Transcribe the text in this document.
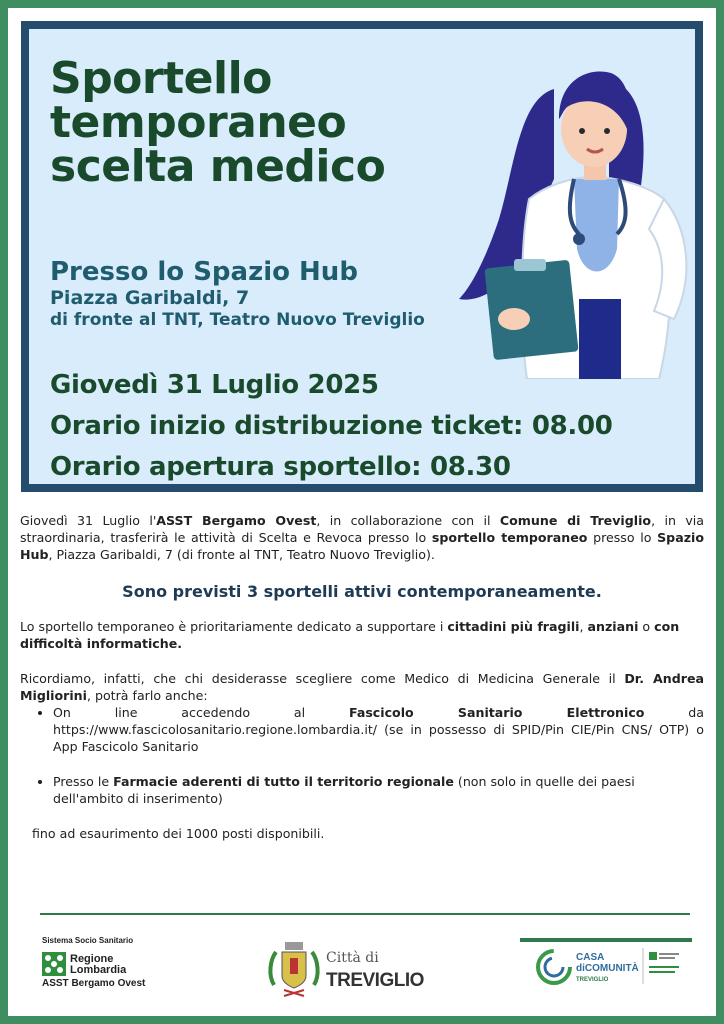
Sportello
temporaneo
scelta medico
Presso lo Spazio Hub
Piazza Garibaldi, 7
di fronte al TNT, Teatro Nuovo Treviglio
Giovedì 31 Luglio 2025
Orario inizio distribuzione ticket: 08.00
Orario apertura sportello: 08.30

Giovedì 31 Luglio l'ASST Bergamo Ovest, in collaborazione con il Comune di Treviglio, in via straordinaria, trasferirà le attività di Scelta e Revoca presso lo sportello temporaneo presso lo Spazio Hub, Piazza Garibaldi, 7 (di fronte al TNT, Teatro Nuovo Treviglio).

Sono previsti 3 sportelli attivi contemporaneamente.

Lo sportello temporaneo è prioritariamente dedicato a supportare i cittadini più fragili, anziani o con difficoltà informatiche.

Ricordiamo, infatti, che chi desiderasse scegliere come Medico di Medicina Generale il Dr. Andrea Migliorini, potrà farlo anche:

• On line accedendo al Fascicolo Sanitario Elettronico da https://www.fascicolosanitario.regione.lombardia.it/ (se in possesso di SPID/Pin CIE/Pin CNS/ OTP) o App Fascicolo Sanitario
• Presso le Farmacie aderenti di tutto il territorio regionale (non solo in quelle dei paesi dell'ambito di inserimento)

fino ad esaurimento dei 1000 posti disponibili.

Sistema Socio Sanitario
Regione
Lombardia
ASST Bergamo Ovest
Città di
TREVIGLIO
CASA
diCOMUNITÀ
TREVIGLIO
